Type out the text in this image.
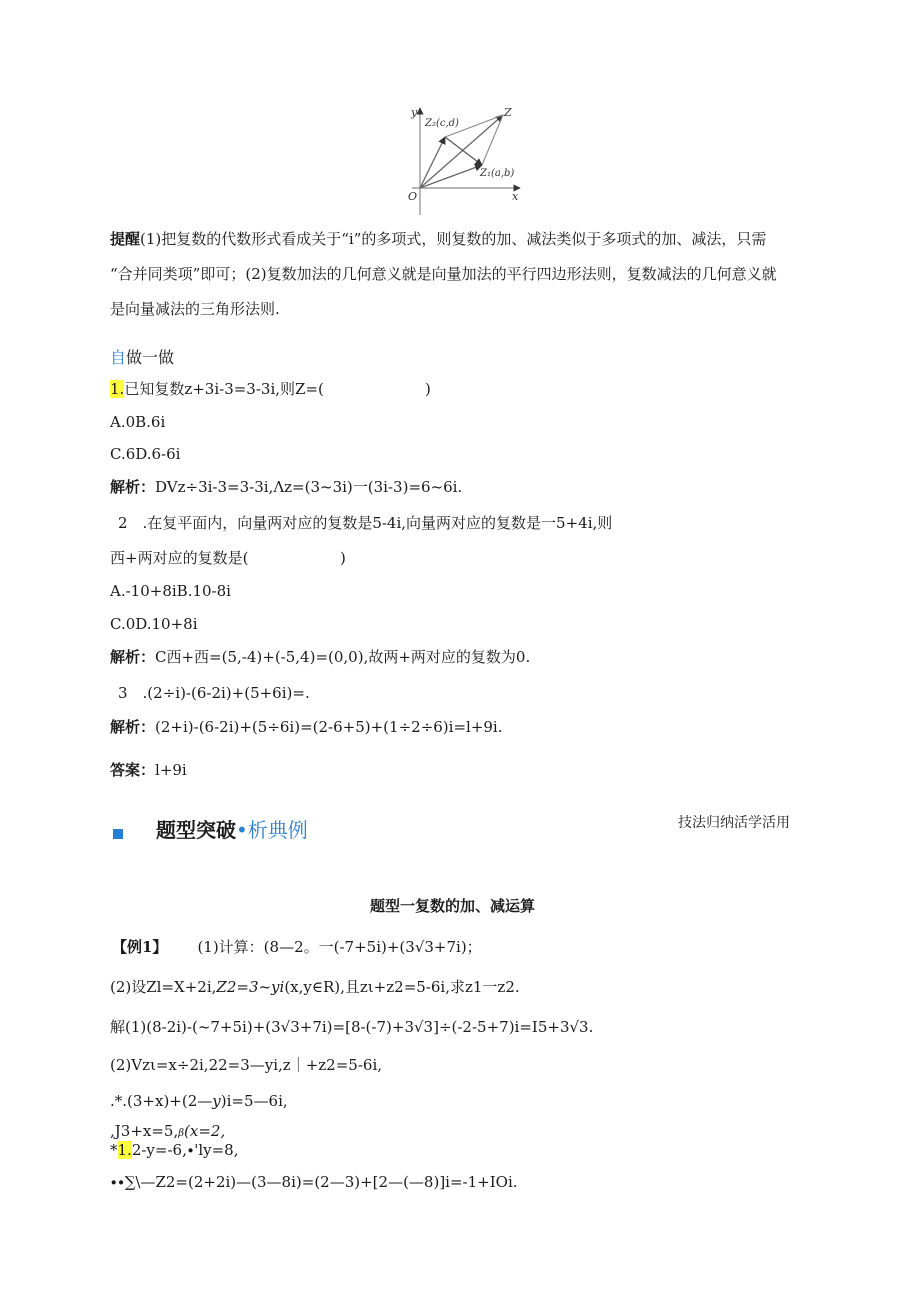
y
x
O
Z
Z₂(c,d)
Z₁(a,b)
提醒(1)把复数的代数形式看成关于“i”的多项式，则复数的加、减法类似于多项式的加、减法，只需
“合并同类项”即可；(2)复数加法的几何意义就是向量加法的平行四边形法则，复数减法的几何意义就
是向量减法的三角形法则.
自做一做
1.已知复数z+3i-3=3-3i,则Z=(	)
A.0B.6i
C.6D.6-6i
解析：DVz÷3i-3=3-3i,Λz=(3~3i)一(3i-3)=6~6i.
2　.在复平面内，向量两对应的复数是5-4i,向量两对应的复数是一5+4i,则
西+两对应的复数是(	)
A.-10+8iB.10-8i
C.0D.10+8i
解析：C西+西=(5,-4)+(-5,4)=(0,0),故两+两对应的复数为0.
3　.(2÷i)-(6-2i)+(5+6i)=.
解析：(2+i)-(6-2i)+(5÷6i)=(2-6+5)+(1÷2÷6)i=l+9i.
答案：l+9i
题型突破•析典例	技法归纳活学活用
题型一复数的加、减运算
【例1】 (1)计算：(8—2。一(-7+5i)+(3√3+7i)；
(2)设Zl=X+2i,Z2=3~yi(x,y∈R),且zι+z2=5-6i,求z1一z2.
解(1)(8-2i)-(~7+5i)+(3√3+7i)=[8-(-7)+3√3]÷(-2-5+7)i=I5+3√3.
(2)Vzι=x÷2i,22=3—yi,z｜+z2=5-6i,
.*.(3+x)+(2—y)i=5—6i,
,J3+x=5,β(x=2,
*1.2-y=-6,∙'ly=8,
∙∙∑\—Z2=(2+2i)—(3—8i)=(2—3)+[2—(—8)]i=-1+IOi.
